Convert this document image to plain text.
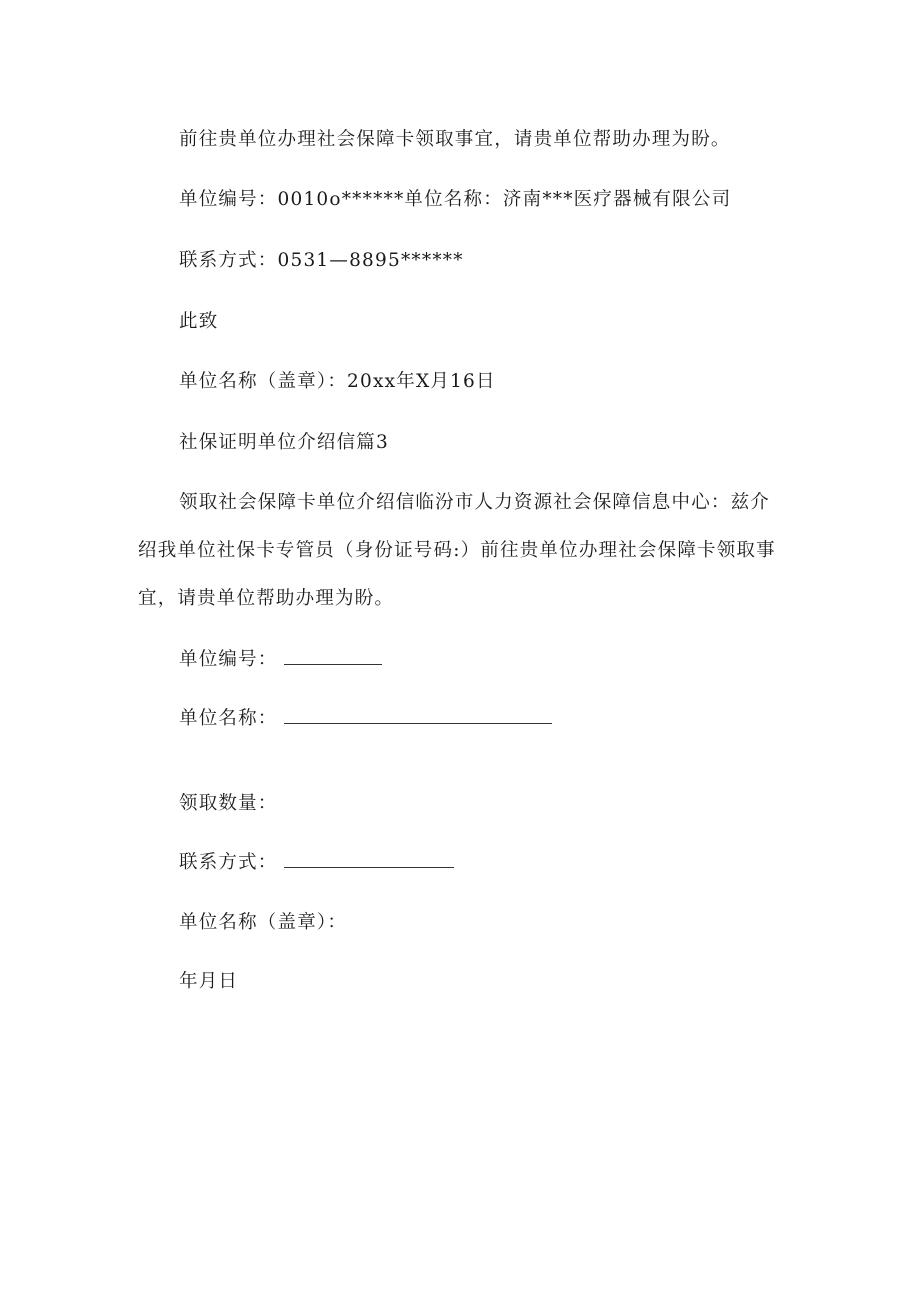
前往贵单位办理社会保障卡领取事宜，请贵单位帮助办理为盼。
单位编号：0010o******单位名称：济南***医疗器械有限公司
联系方式：0531—8895******
此致
单位名称（盖章）：20xx年X月16日
社保证明单位介绍信篇3
领取社会保障卡单位介绍信临汾市人力资源社会保障信息中心：兹介
绍我单位社保卡专管员（身份证号码:）前往贵单位办理社会保障卡领取事
宜，请贵单位帮助办理为盼。
单位编号：
单位名称：
领取数量：
联系方式：
单位名称（盖章）：
年月日
